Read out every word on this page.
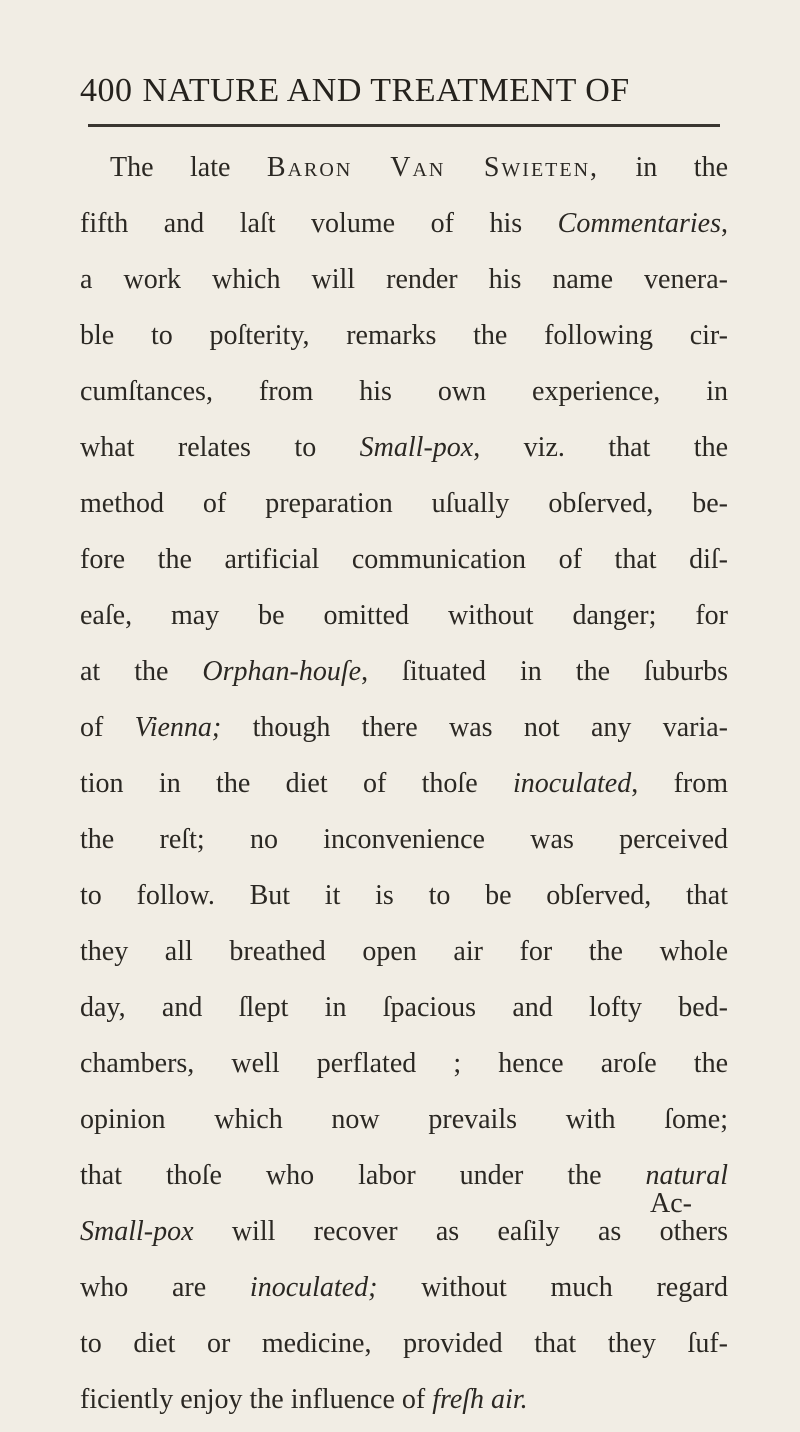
400 NATURE AND TREATMENT OF
The late Baron Van Swieten, in the
fifth and laſt volume of his Commentaries,
a work which will render his name venera-
ble to poſterity, remarks the following cir-
cumſtances, from his own experience, in
what relates to Small-pox, viz. that the
method of preparation uſually obſerved, be-
fore the artificial communication of that diſ-
eaſe, may be omitted without danger; for
at the Orphan-houſe, ſituated in the ſuburbs
of Vienna; though there was not any varia-
tion in the diet of thoſe inoculated, from
the reſt; no inconvenience was perceived
to follow. But it is to be obſerved, that
they all breathed open air for the whole
day, and ſlept in ſpacious and lofty bed-
chambers, well perflated ; hence aroſe the
opinion which now prevails with ſome;
that thoſe who labor under the natural
Small-pox will recover as eaſily as others
who are inoculated; without much regard
to diet or medicine, provided that they ſuf-
ficiently enjoy the influence of freſh air.
Ac-
